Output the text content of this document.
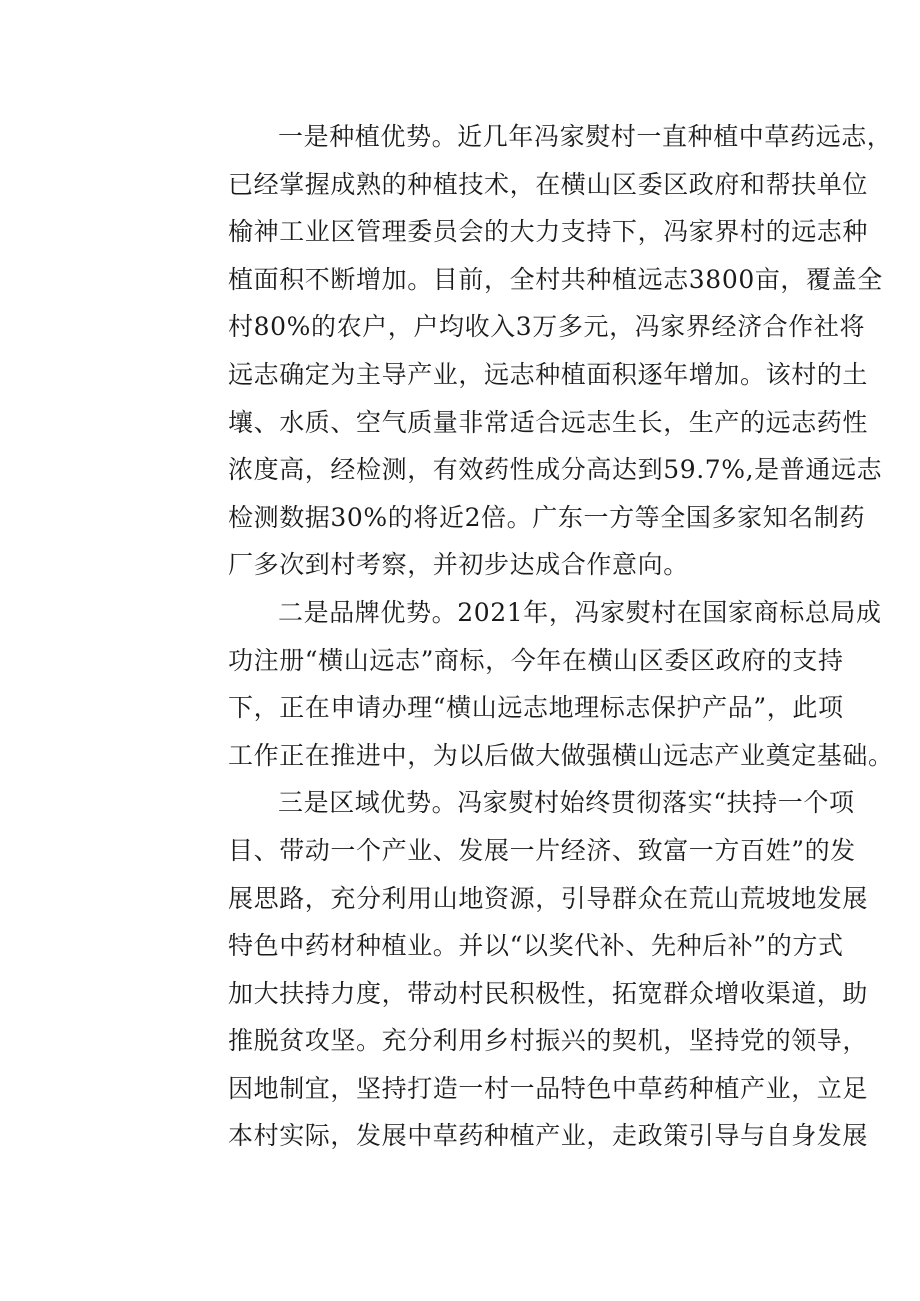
一是种植优势。近几年冯家熨村一直种植中草药远志，
已经掌握成熟的种植技术，在横山区委区政府和帮扶单位
榆神工业区管理委员会的大力支持下，冯家界村的远志种
植面积不断增加。目前，全村共种植远志3800亩，覆盖全
村80%的农户，户均收入3万多元，冯家界经济合作社将
远志确定为主导产业，远志种植面积逐年增加。该村的土
壤、水质、空气质量非常适合远志生长，生产的远志药性
浓度高，经检测，有效药性成分高达到59.7%,是普通远志
检测数据30%的将近2倍。广东一方等全国多家知名制药
厂多次到村考察，并初步达成合作意向。
二是品牌优势。2021年，冯家熨村在国家商标总局成
功注册“横山远志”商标，今年在横山区委区政府的支持
下，正在申请办理“横山远志地理标志保护产品”，此项
工作正在推进中，为以后做大做强横山远志产业奠定基础。
三是区域优势。冯家熨村始终贯彻落实“扶持一个项
目、带动一个产业、发展一片经济、致富一方百姓”的发
展思路，充分利用山地资源，引导群众在荒山荒坡地发展
特色中药材种植业。并以“以奖代补、先种后补”的方式
加大扶持力度，带动村民积极性，拓宽群众增收渠道，助
推脱贫攻坚。充分利用乡村振兴的契机，坚持党的领导，
因地制宜，坚持打造一村一品特色中草药种植产业，立足
本村实际，发展中草药种植产业，走政策引导与自身发展
